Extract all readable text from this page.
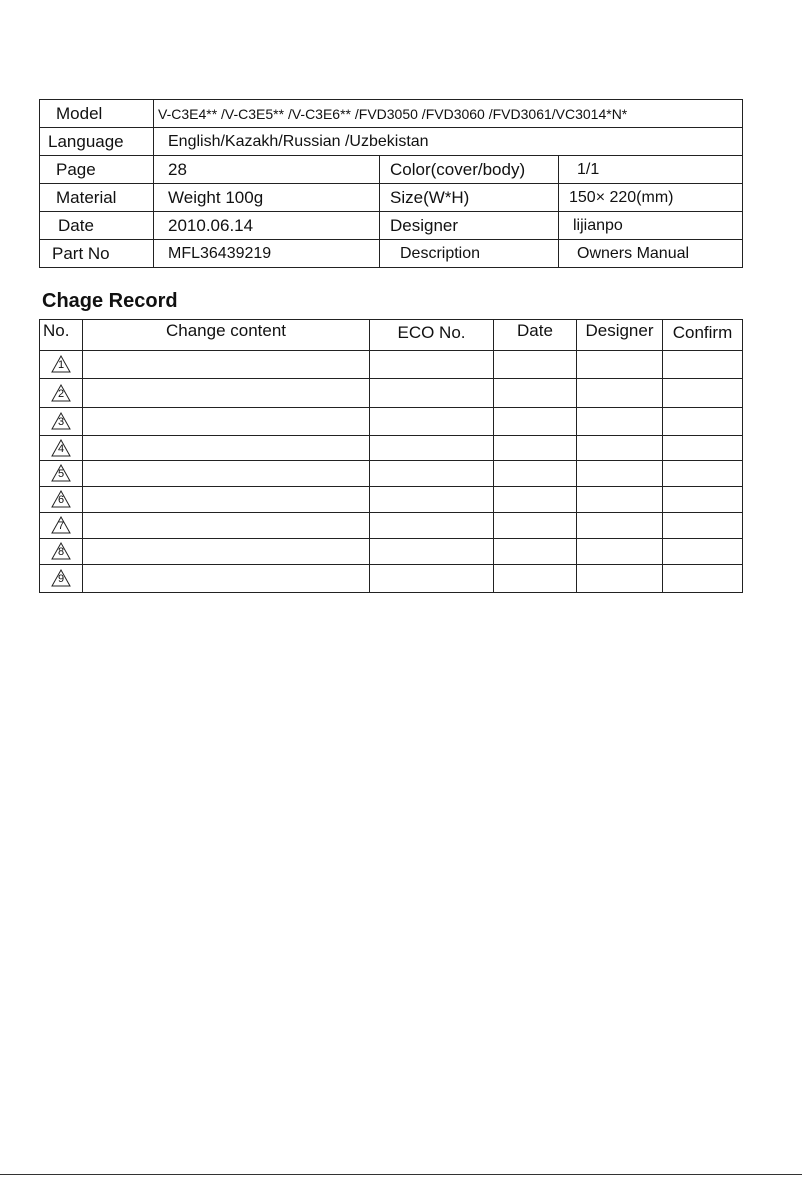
Model	V-C3E4** /V-C3E5** /V-C3E6** /FVD3050 /FVD3060 /FVD3061/VC3014*N*		
Language	English/Kazakh/Russian /Uzbekistan		
Page	28	Color(cover/body)	1/1
Material	Weight 100g	Size(W*H)	150× 220(mm)
Date	2010.06.14	Designer	lijianpo
Part No	MFL36439219	Description	Owners Manual
Chage Record
No.	Change content	ECO No.	Date	Designer	Confirm

1					

2					

3					

4					

5					

6					

7					

8					

9					
